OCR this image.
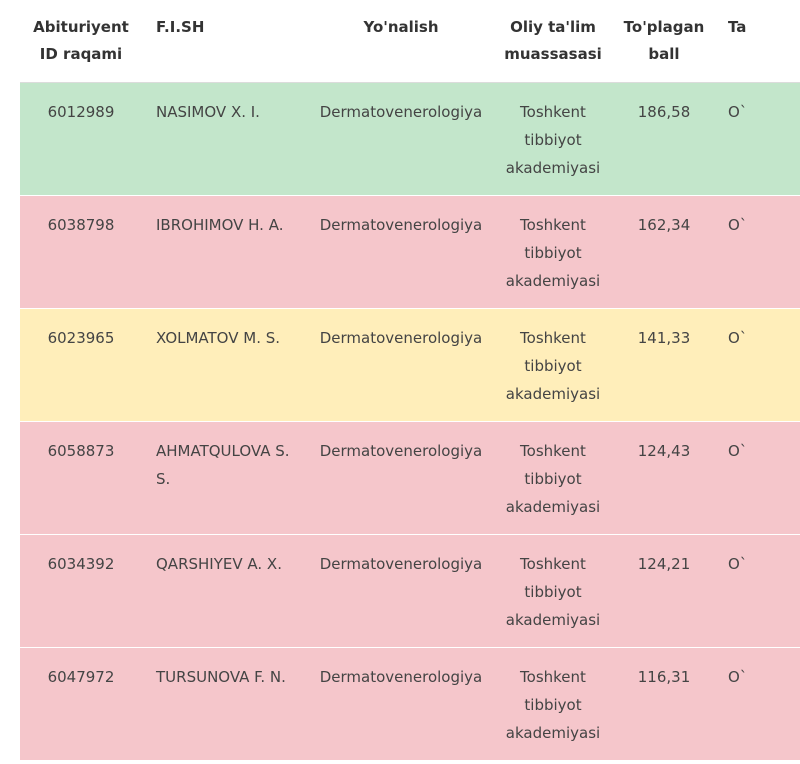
Abituriyent ID raqami	F.I.SH	Yo'nalish	Oliy ta'lim muassasasi	To'plagan ball	Ta
6012989	NASIMOV X. I.	Dermatovenerologiya	Toshkent tibbiyot akademiyasi	186,58	O`
6038798	IBROHIMOV H. A.	Dermatovenerologiya	Toshkent tibbiyot akademiyasi	162,34	O`
6023965	XOLMATOV M. S.	Dermatovenerologiya	Toshkent tibbiyot akademiyasi	141,33	O`
6058873	AHMATQULOVA S. S.	Dermatovenerologiya	Toshkent tibbiyot akademiyasi	124,43	O`
6034392	QARSHIYEV A. X.	Dermatovenerologiya	Toshkent tibbiyot akademiyasi	124,21	O`
6047972	TURSUNOVA F. N.	Dermatovenerologiya	Toshkent tibbiyot akademiyasi	116,31	O`
